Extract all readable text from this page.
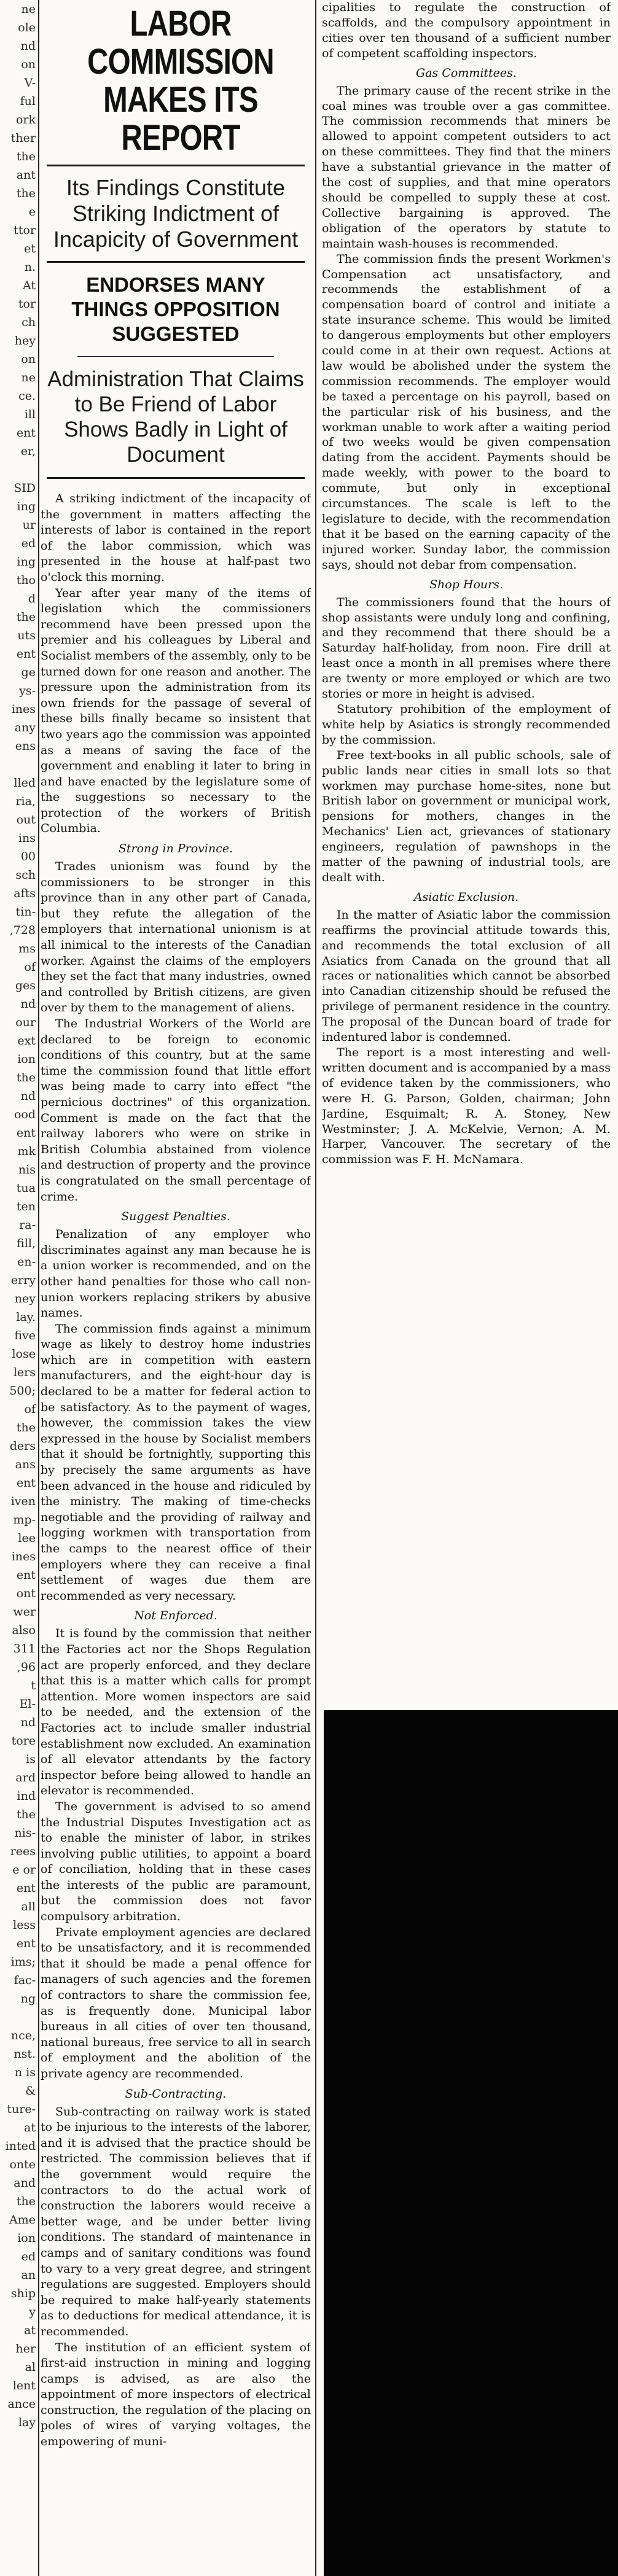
ne
ole
nd
on
V-
ful
ork
ther
the
ant
the
e
ttor
et
n.
At
tor
ch
hey
on
ne
ce.
ill
ent
er,

SID
ing
ur
ed
ing
tho
d
the
uts
ent
ge
ys-
ines
any
ens

lled
ria,
out
ins
00
sch
afts
tin-
,728
ms
of
ges
nd
our
ext
ion
the
nd
ood
ent
mk
nis
tua
ten
ra-
fill,
en-
erry
ney
lay.
five
lose
lers
500;
of
the
ders
ans
ent
iven
mp-
lee
ines
ent
ont
wer
also
311
,96
t
El-
nd
tore
is
ard
ind
the
nis-
rees
e or
ent
all
less
ent
ims;
fac-
ng

nce,
nst.
n is
&
ture-
at
inted
onte
and
the
Ame
ion
ed
an
ship
y
at
her
al
lent
ance
lay
LABOR COMMISSION
MAKES ITS REPORT
Its Findings Constitute Striking Indictment of Incapicity of Government
ENDORSES MANY THINGS OPPOSITION SUGGESTED
Administration That Claims to Be Friend of Labor Shows Badly in Light of Document

A striking indictment of the incapacity of the government in matters affecting the interests of labor is contained in the report of the labor commission, which was presented in the house at half-past two o'clock this morning.

Year after year many of the items of legislation which the commissioners recommend have been pressed upon the premier and his colleagues by Liberal and Socialist members of the assembly, only to be turned down for one reason and another. The pressure upon the administration from its own friends for the passage of several of these bills finally became so insistent that two years ago the commission was appointed as a means of saving the face of the government and enabling it later to bring in and have enacted by the legislature some of the suggestions so necessary to the protection of the workers of British Columbia.

Strong in Province.

Trades unionism was found by the commissioners to be stronger in this province than in any other part of Canada, but they refute the allegation of the employers that international unionism is at all inimical to the interests of the Canadian worker. Against the claims of the employers they set the fact that many industries, owned and controlled by British citizens, are given over by them to the management of aliens.

The Industrial Workers of the World are declared to be foreign to economic conditions of this country, but at the same time the commission found that little effort was being made to carry into effect "the pernicious doctrines" of this organization. Comment is made on the fact that the railway laborers who were on strike in British Columbia abstained from violence and destruction of property and the province is congratulated on the small percentage of crime.

Suggest Penalties.

Penalization of any employer who discriminates against any man because he is a union worker is recommended, and on the other hand penalties for those who call non-union workers replacing strikers by abusive names.

The commission finds against a minimum wage as likely to destroy home industries which are in competition with eastern manufacturers, and the eight-hour day is declared to be a matter for federal action to be satisfactory. As to the payment of wages, however, the commission takes the view expressed in the house by Socialist members that it should be fortnightly, supporting this by precisely the same arguments as have been advanced in the house and ridiculed by the ministry. The making of time-checks negotiable and the providing of railway and logging workmen with transportation from the camps to the nearest office of their employers where they can receive a final settlement of wages due them are recommended as very necessary.

Not Enforced.

It is found by the commission that neither the Factories act nor the Shops Regulation act are properly enforced, and they declare that this is a matter which calls for prompt attention. More women inspectors are said to be needed, and the extension of the Factories act to include smaller industrial establishment now excluded. An examination of all elevator attendants by the factory inspector before being allowed to handle an elevator is recommended.

The government is advised to so amend the Industrial Disputes Investigation act as to enable the minister of labor, in strikes involving public utilities, to appoint a board of conciliation, holding that in these cases the interests of the public are paramount, but the commission does not favor compulsory arbitration.

Private employment agencies are declared to be unsatisfactory, and it is recommended that it should be made a penal offence for managers of such agencies and the foremen of contractors to share the commission fee, as is frequently done. Municipal labor bureaus in all cities of over ten thousand, national bureaus, free service to all in search of employment and the abolition of the private agency are recommended.

Sub-Contracting.

Sub-contracting on railway work is stated to be injurious to the interests of the laborer, and it is advised that the practice should be restricted. The commission believes that if the government would require the contractors to do the actual work of construction the laborers would receive a better wage, and be under better living conditions. The standard of maintenance in camps and of sanitary conditions was found to vary to a very great degree, and stringent regulations are suggested. Employers should be required to make half-yearly statements as to deductions for medical attendance, it is recommended.

The institution of an efficient system of first-aid instruction in mining and logging camps is advised, as are also the appointment of more inspectors of electrical construction, the regulation of the placing on poles of wires of varying voltages, the empowering of muni-

cipalities to regulate the construction of scaffolds, and the compulsory appointment in cities over ten thousand of a sufficient number of competent scaffolding inspectors.

Gas Committees.

The primary cause of the recent strike in the coal mines was trouble over a gas committee. The commission recommends that miners be allowed to appoint competent outsiders to act on these committees. They find that the miners have a substantial grievance in the matter of the cost of supplies, and that mine operators should be compelled to supply these at cost. Collective bargaining is approved. The obligation of the operators by statute to maintain wash-houses is recommended.

The commission finds the present Workmen's Compensation act unsatisfactory, and recommends the establishment of a compensation board of control and initiate a state insurance scheme. This would be limited to dangerous employments but other employers could come in at their own request. Actions at law would be abolished under the system the commission recommends. The employer would be taxed a percentage on his payroll, based on the particular risk of his business, and the workman unable to work after a waiting period of two weeks would be given compensation dating from the accident. Payments should be made weekly, with power to the board to commute, but only in exceptional circumstances. The scale is left to the legislature to decide, with the recommendation that it be based on the earning capacity of the injured worker. Sunday labor, the commission says, should not debar from compensation.

Shop Hours.

The commissioners found that the hours of shop assistants were unduly long and confining, and they recommend that there should be a Saturday half-holiday, from noon. Fire drill at least once a month in all premises where there are twenty or more employed or which are two stories or more in height is advised.

Statutory prohibition of the employment of white help by Asiatics is strongly recommended by the commission.

Free text-books in all public schools, sale of public lands near cities in small lots so that workmen may purchase home-sites, none but British labor on government or municipal work, pensions for mothers, changes in the Mechanics' Lien act, grievances of stationary engineers, regulation of pawnshops in the matter of the pawning of industrial tools, are dealt with.

Asiatic Exclusion.

In the matter of Asiatic labor the commission reaffirms the provincial attitude towards this, and recommends the total exclusion of all Asiatics from Canada on the ground that all races or nationalities which cannot be absorbed into Canadian citizenship should be refused the privilege of permanent residence in the country. The proposal of the Duncan board of trade for indentured labor is condemned.

The report is a most interesting and well-written document and is accompanied by a mass of evidence taken by the commissioners, who were H. G. Parson, Golden, chairman; John Jardine, Esquimalt; R. A. Stoney, New Westminster; J. A. McKelvie, Vernon; A. M. Harper, Vancouver. The secretary of the commission was F. H. McNamara.
